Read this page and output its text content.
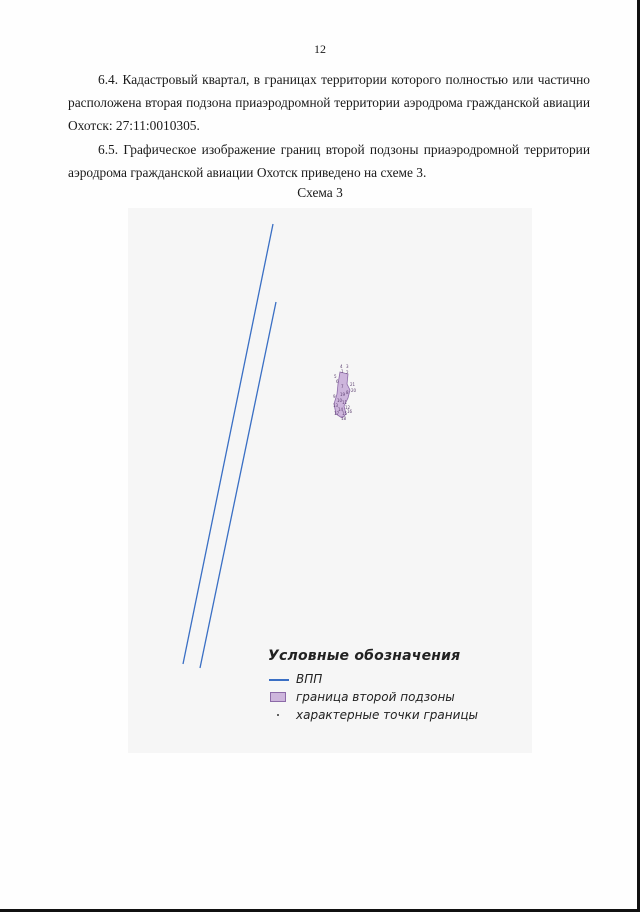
12

6.4. Кадастровый квартал, в границах территории которого полностью или частично расположена вторая подзона приаэродромной территории аэродрома гражданской авиации Охотск: 27:11:0010305.

6.5. Графическое изображение границ второй подзоны приаэродромной территории аэродрома гражданской авиации Охотск приведено на схеме 3.

Схема 3
4 3
1 2
5
6
21
20
7
8
19
9
10 11
12
13
14
15 16
17
18
Условные обозначения
ВПП
граница второй подзоны
характерные точки границы
